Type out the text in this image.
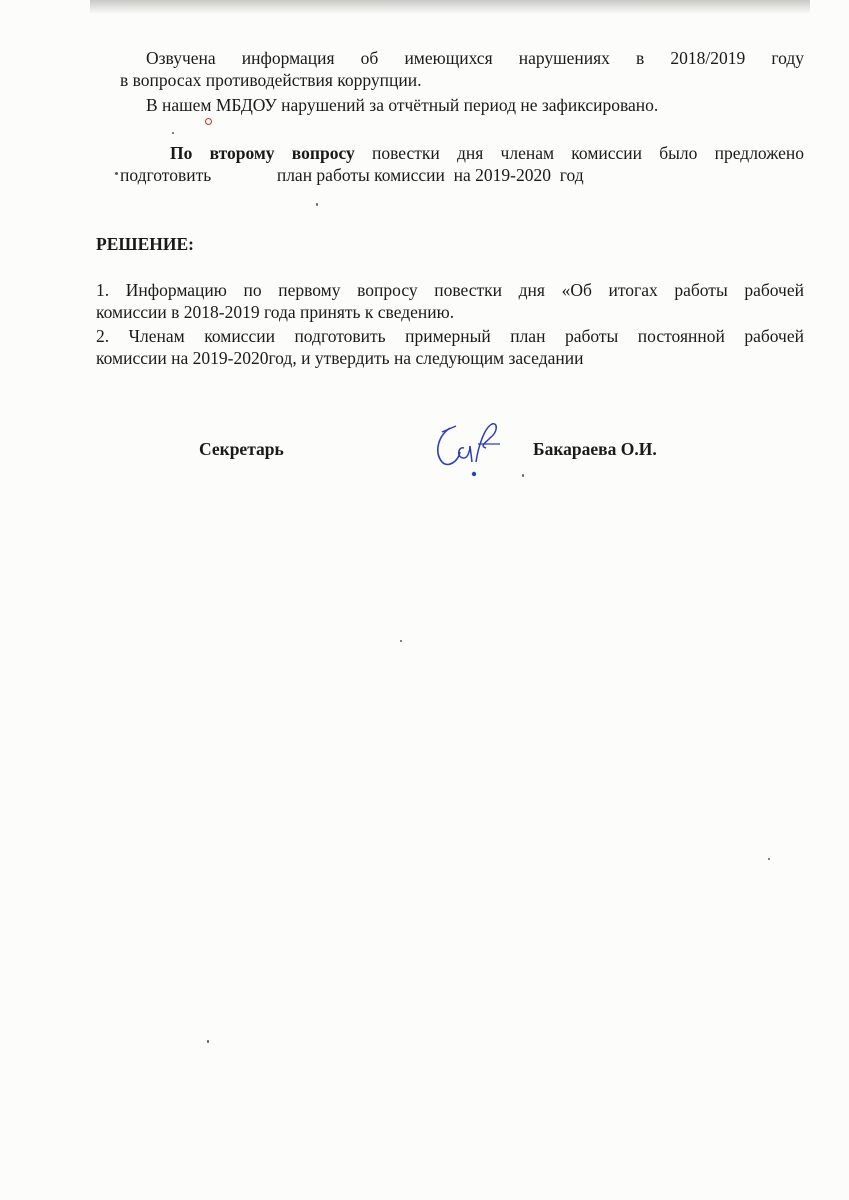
Озвучена информация об имеющихся нарушениях в 2018/2019 году
в вопросах противодействия коррупции.
В нашем МБДОУ нарушений за отчётный период не зафиксировано.
По второму вопросу повестки дня членам комиссии было предложено
подготовить               план работы комиссии  на 2019-2020  год
РЕШЕНИЕ:
1. Информацию по первому вопросу повестки дня «Об итогах работы рабочей
комиссии в 2018-2019 года принять к сведению.
2. Членам комиссии подготовить примерный план работы постоянной рабочей
комиссии на 2019-2020год, и утвердить на следующим заседании
Секретарь	Бакараева О.И.
